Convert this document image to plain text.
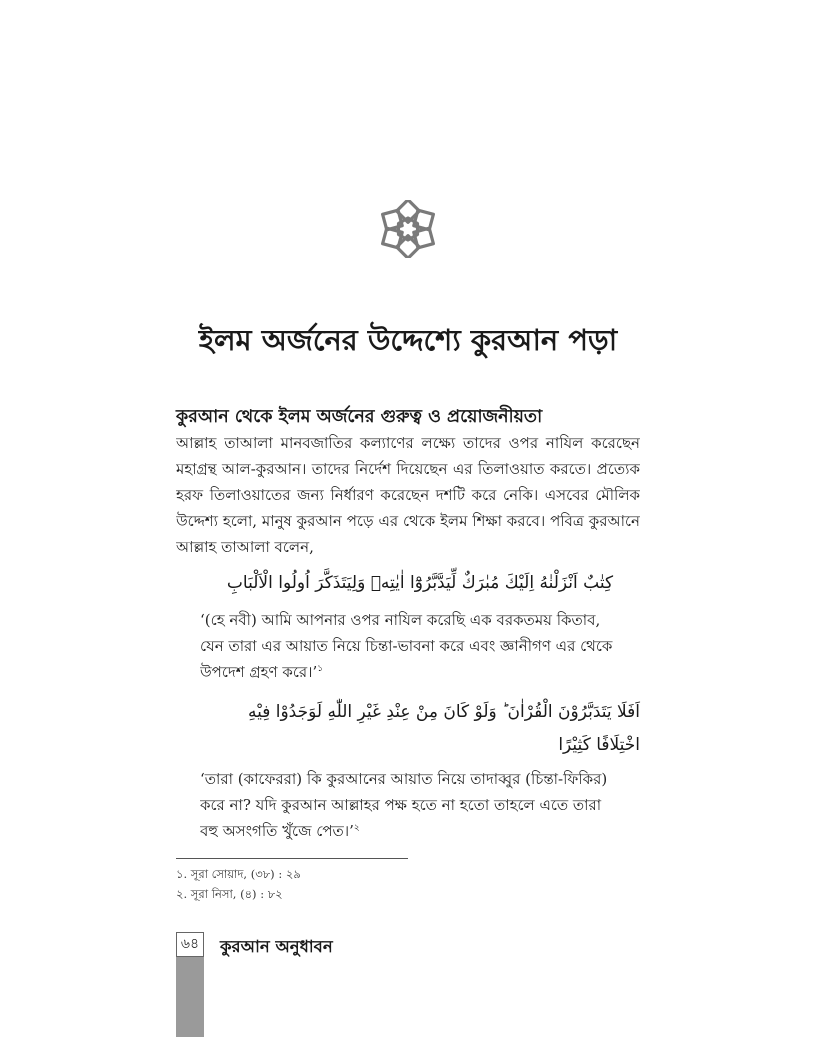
ইলম অর্জনের উদ্দেশ্যে কুরআন পড়া
কুরআন থেকে ইলম অর্জনের গুরুত্ব ও প্রয়োজনীয়তা
আল্লাহ তাআলা মানবজাতির কল্যাণের লক্ষ্যে তাদের ওপর নাযিল করেছেন
মহাগ্রন্থ আল-কুরআন। তাদের নির্দেশ দিয়েছেন এর তিলাওয়াত করতে। প্রত্যেক
হরফ তিলাওয়াতের জন্য নির্ধারণ করেছেন দশটি করে নেকি। এসবের মৌলিক
উদ্দেশ্য হলো, মানুষ কুরআন পড়ে এর থেকে ইলম শিক্ষা করবে। পবিত্র কুরআনে
আল্লাহ তাআলা বলেন,
كِتٰبٌ اَنْزَلْنٰهُ اِلَيْكَ مُبٰرَكٌ لِّيَدَّبَّرُوْٓا اٰيٰتِهٖ وَلِيَتَذَكَّرَ اُولُوا الْاَلْبَابِ
‘(হে নবী) আমি আপনার ওপর নাযিল করেছি এক বরকতময় কিতাব,
যেন তারা এর আয়াত নিয়ে চিন্তা-ভাবনা করে এবং জ্ঞানীগণ এর থেকে
উপদেশ গ্রহণ করে।’$^১$
اَفَلَا يَتَدَبَّرُوْنَ الْقُرْاٰنَ ؕ وَلَوْ كَانَ مِنْ عِنْدِ غَيْرِ اللّٰهِ لَوَجَدُوْا فِيْهِ
اخْتِلَافًا كَثِيْرًا
‘তারা (কাফেররা) কি কুরআনের আয়াত নিয়ে তাদাব্বুর (চিন্তা-ফিকির)
করে না? যদি কুরআন আল্লাহর পক্ষ হতে না হতো তাহলে এতে তারা
বহু অসংগতি খুঁজে পেত।’$^২$
১. সূরা সোয়াদ, (৩৮) : ২৯
২. সূরা নিসা, (৪) : ৮২
৬৪ কুরআন অনুধাবন
